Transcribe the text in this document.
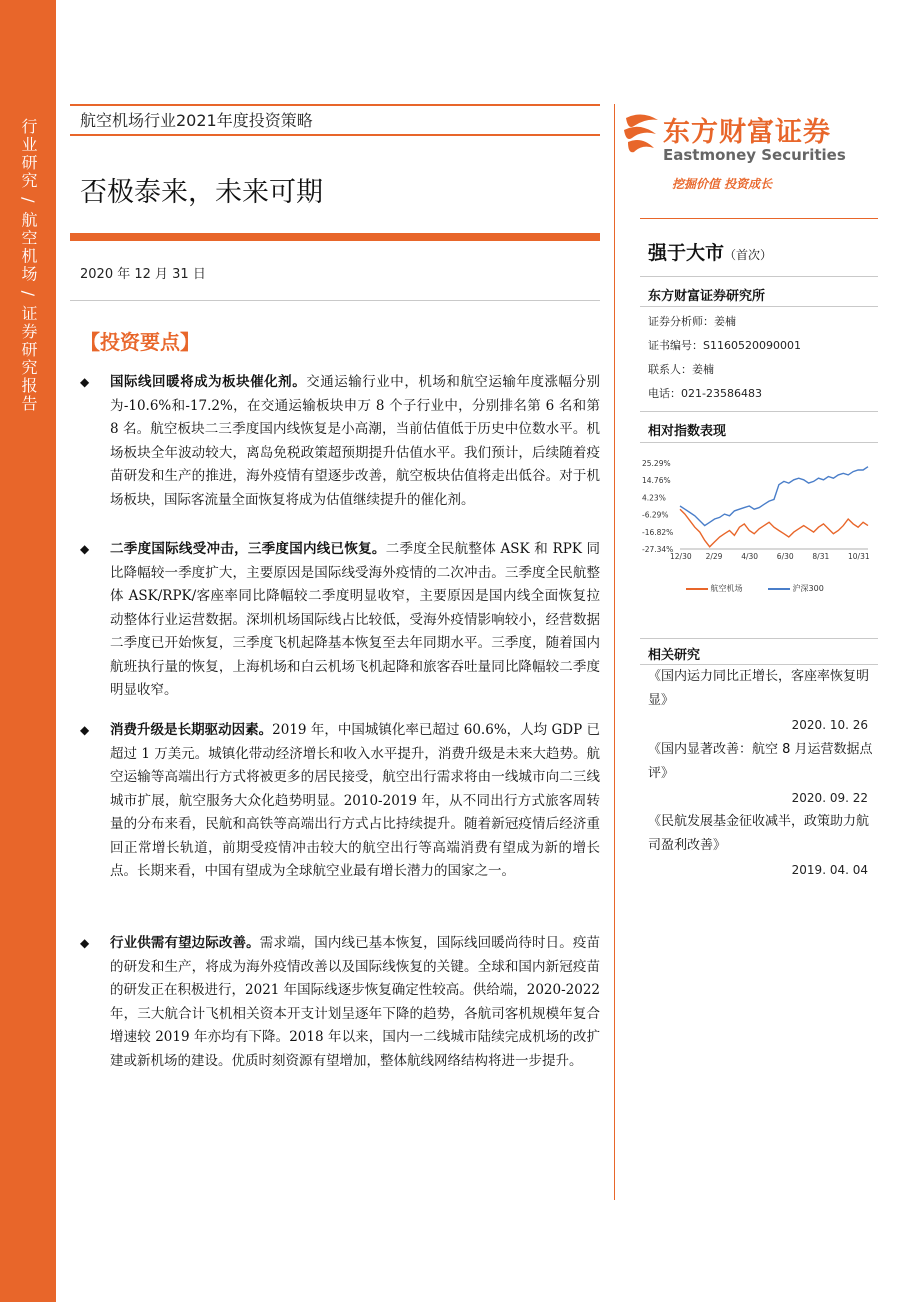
行业研究 / 航空机场 / 证券研究报告	航空机场行业2021年度投资策略
否极泰来，未来可期
2020 年 12 月 31 日
【投资要点】
◆ 国际线回暖将成为板块催化剂。交通运输行业中，机场和航空运输年度涨幅分别为-10.6%和-17.2%，在交通运输板块申万 8 个子行业中，分别排名第 6 名和第 8 名。航空板块二三季度国内线恢复是小高潮，当前估值低于历史中位数水平。机场板块全年波动较大，离岛免税政策超预期提升估值水平。我们预计，后续随着疫苗研发和生产的推进，海外疫情有望逐步改善，航空板块估值将走出低谷。对于机场板块，国际客流量全面恢复将成为估值继续提升的催化剂。
◆ 二季度国际线受冲击，三季度国内线已恢复。二季度全民航整体 ASK 和 RPK 同比降幅较一季度扩大，主要原因是国际线受海外疫情的二次冲击。三季度全民航整体 ASK/RPK/客座率同比降幅较二季度明显收窄，主要原因是国内线全面恢复拉动整体行业运营数据。深圳机场国际线占比较低，受海外疫情影响较小，经营数据二季度已开始恢复，三季度飞机起降基本恢复至去年同期水平。三季度，随着国内航班执行量的恢复，上海机场和白云机场飞机起降和旅客吞吐量同比降幅较二季度明显收窄。
◆ 消费升级是长期驱动因素。2019 年，中国城镇化率已超过 60.6%，人均 GDP 已超过 1 万美元。城镇化带动经济增长和收入水平提升，消费升级是未来大趋势。航空运输等高端出行方式将被更多的居民接受，航空出行需求将由一线城市向二三线城市扩展，航空服务大众化趋势明显。2010-2019 年，从不同出行方式旅客周转量的分布来看，民航和高铁等高端出行方式占比持续提升。随着新冠疫情后经济重回正常增长轨道，前期受疫情冲击较大的航空出行等高端消费有望成为新的增长点。长期来看，中国有望成为全球航空业最有增长潜力的国家之一。
◆ 行业供需有望边际改善。需求端，国内线已基本恢复，国际线回暖尚待时日。疫苗的研发和生产，将成为海外疫情改善以及国际线恢复的关键。全球和国内新冠疫苗的研发正在积极进行，2021 年国际线逐步恢复确定性较高。供给端，2020-2022 年，三大航合计飞机相关资本开支计划呈逐年下降的趋势，各航司客机规模年复合增速较 2019 年亦均有下降。2018 年以来，国内一二线城市陆续完成机场的改扩建或新机场的建设。优质时刻资源有望增加，整体航线网络结构将进一步提升。
东方财富证券
Eastmoney Securities
挖掘价值 投资成长
强于大市（首次）
东方财富证券研究所
证券分析师：姜楠
证书编号：S1160520090001
联系人：姜楠
电话：021-23586483
相对指数表现
25.29%
14.76%
4.23%
-6.29%
-16.82%
-27.34%
12/30 2/29	4/30	6/30	8/31	10/31
航空机场	沪深300
相关研究
《国内运力同比正增长，客座率恢复明显》
2020. 10. 26
《国内显著改善：航空 8 月运营数据点评》
2020. 09. 22
《民航发展基金征收减半，政策助力航司盈利改善》
2019. 04. 04
